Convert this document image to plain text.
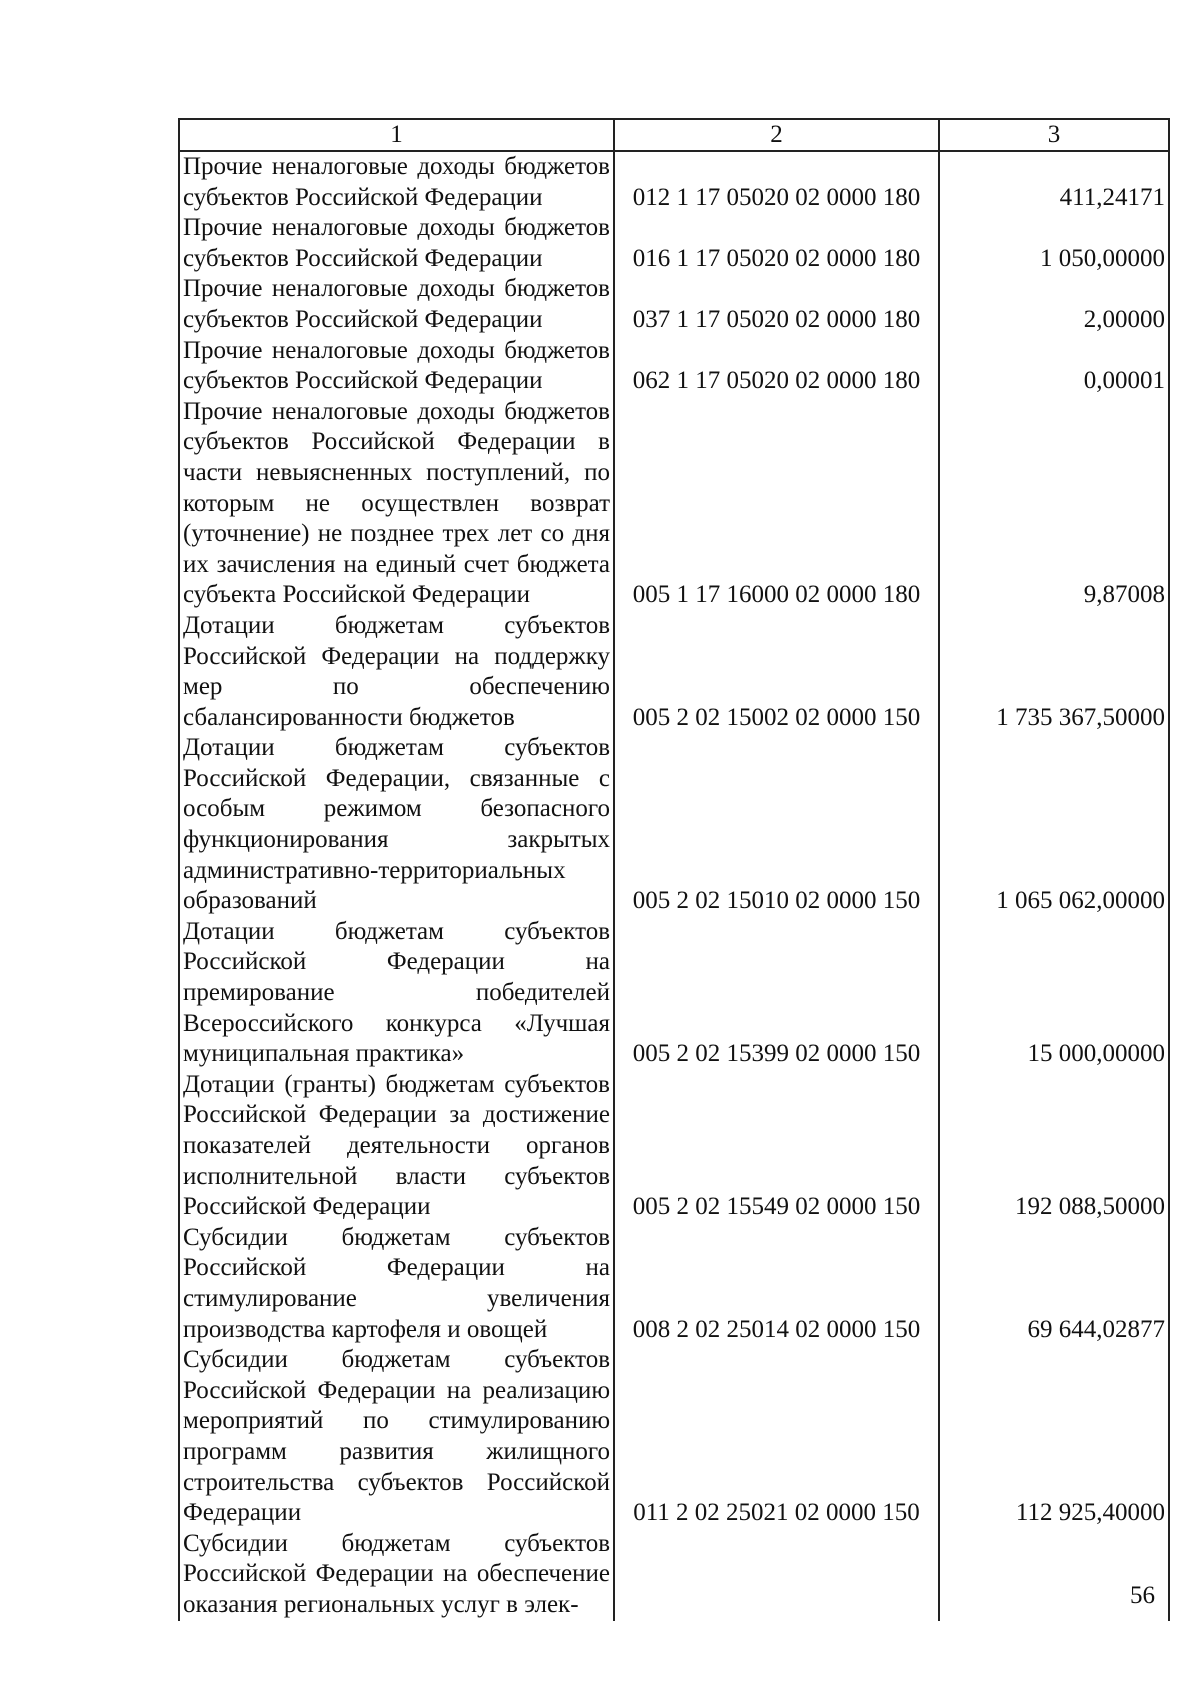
1	2	3
Прочие неналоговые доходы бюджетов субъектов Российской Федерации	012 1 17 05020 02 0000 180	411,24171
Прочие неналоговые доходы бюджетов субъектов Российской Федерации	016 1 17 05020 02 0000 180	1 050,00000
Прочие неналоговые доходы бюджетов субъектов Российской Федерации	037 1 17 05020 02 0000 180	2,00000
Прочие неналоговые доходы бюджетов субъектов Российской Федерации	062 1 17 05020 02 0000 180	0,00001
Прочие неналоговые доходы бюджетов субъектов Российской Федерации в части невыясненных поступлений, по которым не осуществлен возврат (уточнение) не позднее трех лет со дня их зачисления на единый счет бюджета субъекта Российской Федерации	005 1 17 16000 02 0000 180	9,87008
Дотации бюджетам субъектов Российской Федерации на поддержку мер по обеспечению сбалансированности бюджетов	005 2 02 15002 02 0000 150	1 735 367,50000
Дотации бюджетам субъектов Российской Федерации, связанные с особым режимом безопасного функционирования закрытых административно-территориальных образований	005 2 02 15010 02 0000 150	1 065 062,00000
Дотации бюджетам субъектов Российской Федерации на премирование победителей Всероссийского конкурса «Лучшая муниципальная практика»	005 2 02 15399 02 0000 150	15 000,00000
Дотации (гранты) бюджетам субъектов Российской Федерации за достижение показателей деятельности органов исполнительной власти субъектов Российской Федерации	005 2 02 15549 02 0000 150	192 088,50000
Субсидии бюджетам субъектов Российской Федерации на стимулирование увеличения производства картофеля и овощей	008 2 02 25014 02 0000 150	69 644,02877
Субсидии бюджетам субъектов Российской Федерации на реализацию мероприятий по стимулированию программ развития жилищного строительства субъектов Российской Федерации	011 2 02 25021 02 0000 150	112 925,40000
Субсидии бюджетам субъектов Российской Федерации на обеспечение оказания региональных услуг в элек-			56
